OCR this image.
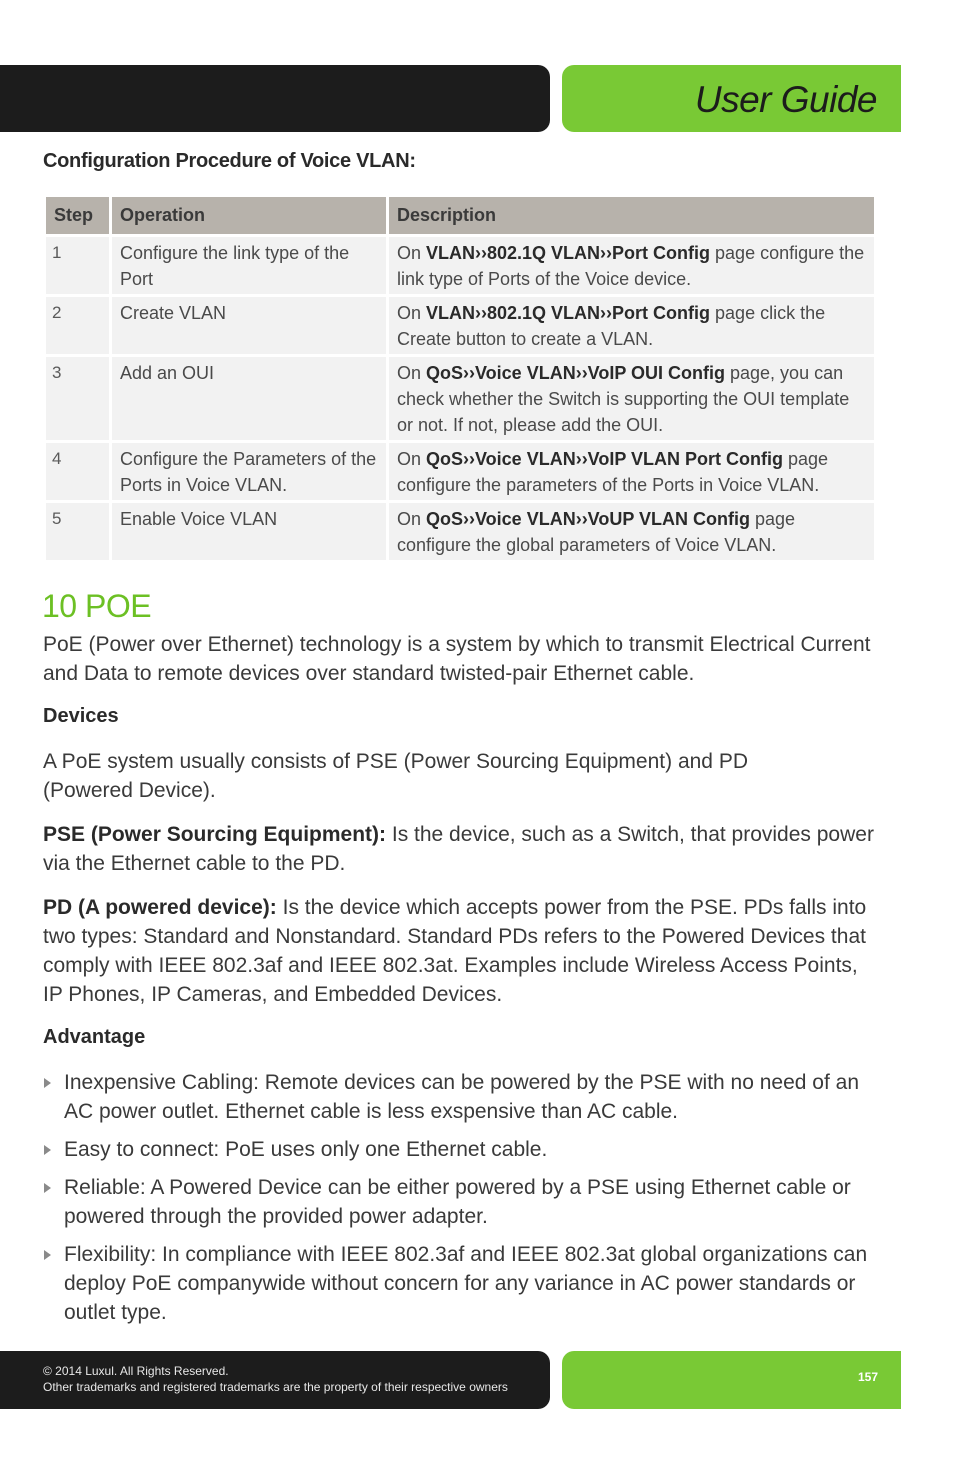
User Guide
Configuration Procedure of Voice VLAN:
Step	Operation	Description
1	Configure the link type of the Port	On VLAN››802.1Q VLAN››Port Config page configure the link type of Ports of the Voice device.
2	Create VLAN	On VLAN››802.1Q VLAN››Port Config page click the Create button to create a VLAN.
3	Add an OUI	On QoS››Voice VLAN››VoIP OUI Config page, you can check whether the Switch is supporting the OUI template or not. If not, please add the OUI.
4	Configure the Parameters of the Ports in Voice VLAN.	On QoS››Voice VLAN››VoIP VLAN Port Config page configure the parameters of the Ports in Voice VLAN.
5	Enable Voice VLAN	On QoS››Voice VLAN››VoUP VLAN Config page configure the global parameters of Voice VLAN.
10 POE

PoE (Power over Ethernet) technology is a system by which to transmit Electrical Current and Data to remote devices over standard twisted-pair Ethernet cable.

Devices

A PoE system usually consists of PSE (Power Sourcing Equipment) and PD
(Powered Device).

PSE (Power Sourcing Equipment): Is the device, such as a Switch, that provides power via the Ethernet cable to the PD.

PD (A powered device): Is the device which accepts power from the PSE. PDs falls into two types: Standard and Nonstandard. Standard PDs refers to the Powered Devices that comply with IEEE 802.3af and IEEE 802.3at. Examples include Wireless Access Points, IP Phones, IP Cameras, and Embedded Devices.

Advantage
Inexpensive Cabling: Remote devices can be powered by the PSE with no need of an AC power outlet. Ethernet cable is less exspensive than AC cable.
Easy to connect: PoE uses only one Ethernet cable.
Reliable: A Powered Device can be either powered by a PSE using Ethernet cable or powered through the provided power adapter.
Flexibility: In compliance with IEEE 802.3af and IEEE 802.3at global organizations can deploy PoE companywide without concern for any variance in AC power standards or outlet type.
© 2014 Luxul. All Rights Reserved.
Other trademarks and registered trademarks are the property of their respective owners
157
